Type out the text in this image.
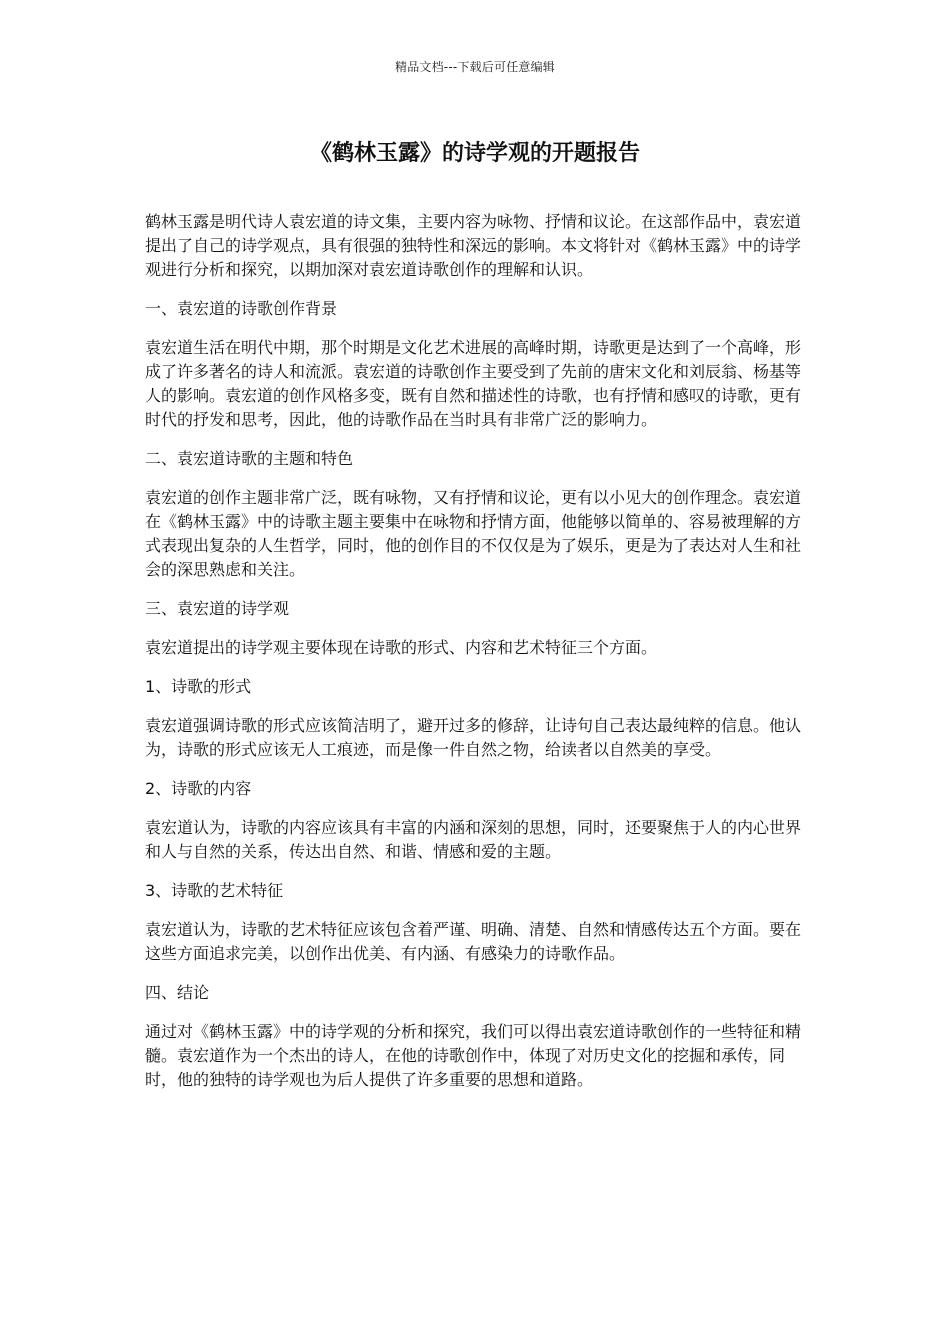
精品文档---下载后可任意编辑
《鹤林玉露》的诗学观的开题报告

鹤林玉露是明代诗人袁宏道的诗文集，主要内容为咏物、抒情和议论。在这部作品中，袁宏道提出了自己的诗学观点，具有很强的独特性和深远的影响。本文将针对《鹤林玉露》中的诗学观进行分析和探究，以期加深对袁宏道诗歌创作的理解和认识。

一、袁宏道的诗歌创作背景

袁宏道生活在明代中期，那个时期是文化艺术进展的高峰时期，诗歌更是达到了一个高峰，形成了许多著名的诗人和流派。袁宏道的诗歌创作主要受到了先前的唐宋文化和刘辰翁、杨基等人的影响。袁宏道的创作风格多变，既有自然和描述性的诗歌，也有抒情和感叹的诗歌，更有时代的抒发和思考，因此，他的诗歌作品在当时具有非常广泛的影响力。

二、袁宏道诗歌的主题和特色

袁宏道的创作主题非常广泛，既有咏物，又有抒情和议论，更有以小见大的创作理念。袁宏道在《鹤林玉露》中的诗歌主题主要集中在咏物和抒情方面，他能够以简单的、容易被理解的方式表现出复杂的人生哲学，同时，他的创作目的不仅仅是为了娱乐，更是为了表达对人生和社会的深思熟虑和关注。

三、袁宏道的诗学观

袁宏道提出的诗学观主要体现在诗歌的形式、内容和艺术特征三个方面。

1、诗歌的形式

袁宏道强调诗歌的形式应该简洁明了，避开过多的修辞，让诗句自己表达最纯粹的信息。他认为，诗歌的形式应该无人工痕迹，而是像一件自然之物，给读者以自然美的享受。

2、诗歌的内容

袁宏道认为，诗歌的内容应该具有丰富的内涵和深刻的思想，同时，还要聚焦于人的内心世界和人与自然的关系，传达出自然、和谐、情感和爱的主题。

3、诗歌的艺术特征

袁宏道认为，诗歌的艺术特征应该包含着严谨、明确、清楚、自然和情感传达五个方面。要在这些方面追求完美，以创作出优美、有内涵、有感染力的诗歌作品。

四、结论

通过对《鹤林玉露》中的诗学观的分析和探究，我们可以得出袁宏道诗歌创作的一些特征和精髓。袁宏道作为一个杰出的诗人，在他的诗歌创作中，体现了对历史文化的挖掘和承传，同时，他的独特的诗学观也为后人提供了许多重要的思想和道路。
